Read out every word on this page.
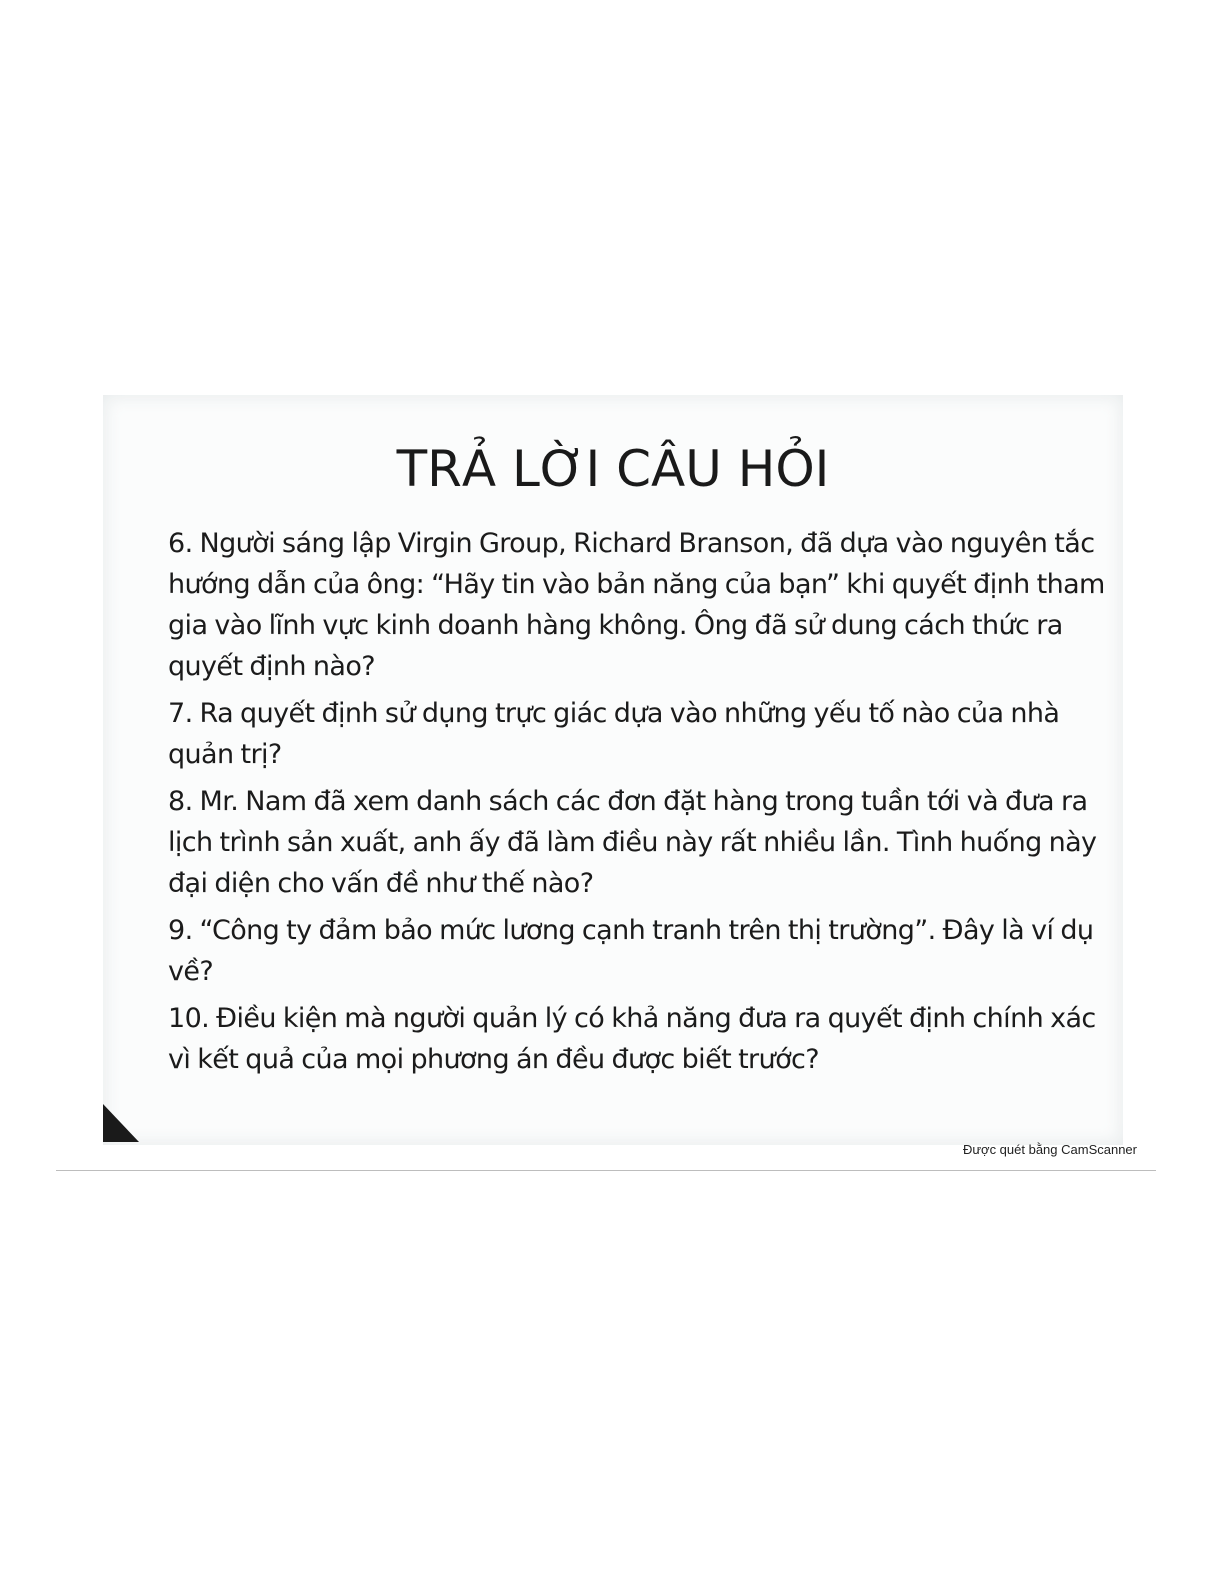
TRẢ LỜI CÂU HỎI
6. Người sáng lập Virgin Group, Richard Branson, đã dựa vào nguyên tắc hướng dẫn của ông: “Hãy tin vào bản năng của bạn” khi quyết định tham gia vào lĩnh vực kinh doanh hàng không. Ông đã sử dung cách thức ra quyết định nào?
7. Ra quyết định sử dụng trực giác dựa vào những yếu tố nào của nhà quản trị?
8. Mr. Nam đã xem danh sách các đơn đặt hàng trong tuần tới và đưa ra lịch trình sản xuất, anh ấy đã làm điều này rất nhiều lần. Tình huống này đại diện cho vấn đề như thế nào?
9. “Công ty đảm bảo mức lương cạnh tranh trên thị trường”. Đây là ví dụ về?
10. Điều kiện mà người quản lý có khả năng đưa ra quyết định chính xác vì kết quả của mọi phương án đều được biết trước?
Được quét bằng CamScanner
